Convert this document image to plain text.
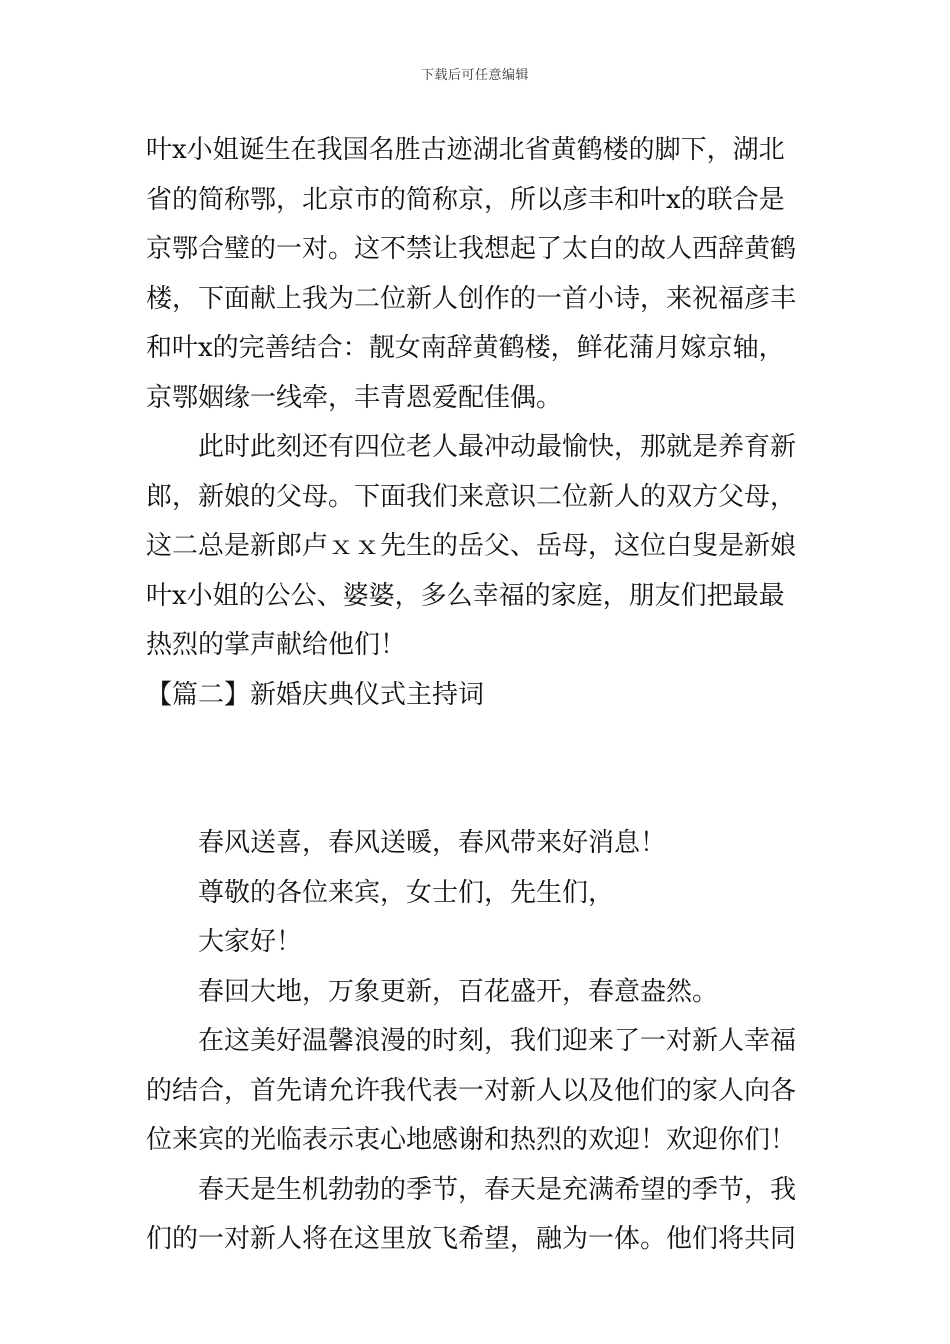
下载后可任意编辑

叶x小姐诞生在我国名胜古迹湖北省黄鹤楼的脚下，湖北省的简称鄂，北京市的简称京，所以彦丰和叶x的联合是京鄂合璧的一对。这不禁让我想起了太白的故人西辞黄鹤楼，下面献上我为二位新人创作的一首小诗，来祝福彦丰和叶x的完善结合：靓女南辞黄鹤楼，鲜花蒲月嫁京轴，京鄂姻缘一线牵，丰青恩爱配佳偶。

此时此刻还有四位老人最冲动最愉快，那就是养育新郎，新娘的父母。下面我们来意识二位新人的双方父母，这二总是新郎卢ｘｘ先生的岳父、岳母，这位白叟是新娘叶x小姐的公公、婆婆，多么幸福的家庭，朋友们把最最热烈的掌声献给他们！

【篇二】新婚庆典仪式主持词

春风送喜，春风送暖，春风带来好消息！

尊敬的各位来宾，女士们，先生们，

大家好！

春回大地，万象更新，百花盛开，春意盎然。

在这美好温馨浪漫的时刻，我们迎来了一对新人幸福的结合，首先请允许我代表一对新人以及他们的家人向各位来宾的光临表示衷心地感谢和热烈的欢迎！欢迎你们！

春天是生机勃勃的季节，春天是充满希望的季节，我们的一对新人将在这里放飞希望，融为一体。他们将共同
